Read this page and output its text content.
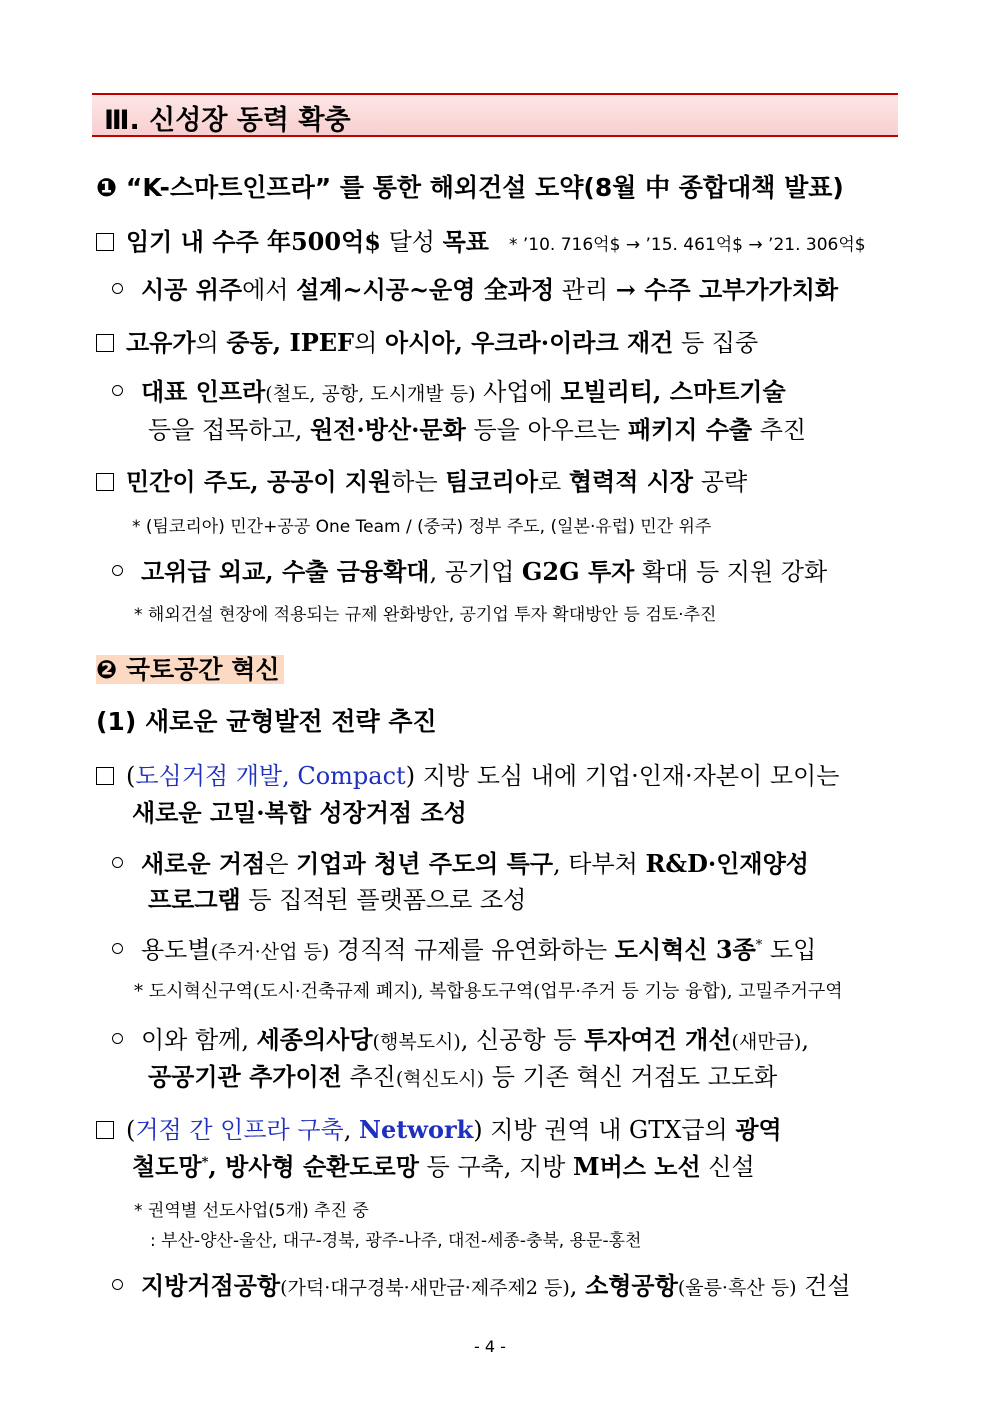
Ⅲ. 신성장 동력 확충
❶ “K-스마트인프라” 를 통한 해외건설 도약(8월 中 종합대책 발표)
임기 내 수주 年500억$ 달성 목표 * ’10. 716억$ → ’15. 461억$ → ’21. 306억$
시공 위주에서 설계~시공~운영 全과정 관리 → 수주 고부가가치화
고유가의 중동, IPEF의 아시아, 우크라·이라크 재건 등 집중
대표 인프라(철도, 공항, 도시개발 등) 사업에 모빌리티, 스마트기술
등을 접목하고, 원전·방산·문화 등을 아우르는 패키지 수출 추진
민간이 주도, 공공이 지원하는 팀코리아로 협력적 시장 공략
* (팀코리아) 민간+공공 One Team / (중국) 정부 주도, (일본·유럽) 민간 위주
고위급 외교, 수출 금융확대, 공기업 G2G 투자 확대 등 지원 강화
* 해외건설 현장에 적용되는 규제 완화방안, 공기업 투자 확대방안 등 검토·추진
❷ 국토공간 혁신
(1) 새로운 균형발전 전략 추진
(도심거점 개발, Compact) 지방 도심 내에 기업·인재·자본이 모이는
새로운 고밀·복합 성장거점 조성
새로운 거점은 기업과 청년 주도의 특구, 타부처 R&D·인재양성
프로그램 등 집적된 플랫폼으로 조성
용도별(주거·산업 등) 경직적 규제를 유연화하는 도시혁신 3종* 도입
* 도시혁신구역(도시·건축규제 폐지), 복합용도구역(업무·주거 등 기능 융합), 고밀주거구역
이와 함께, 세종의사당(행복도시), 신공항 등 투자여건 개선(새만금),
공공기관 추가이전 추진(혁신도시) 등 기존 혁신 거점도 고도화
(거점 간 인프라 구축, Network) 지방 권역 내 GTX급의 광역
철도망*, 방사형 순환도로망 등 구축, 지방 M버스 노선 신설
* 권역별 선도사업(5개) 추진 중
: 부산-양산-울산, 대구-경북, 광주-나주, 대전-세종-충북, 용문-홍천
지방거점공항(가덕·대구경북·새만금·제주제2 등), 소형공항(울릉·흑산 등) 건설
- 4 -
